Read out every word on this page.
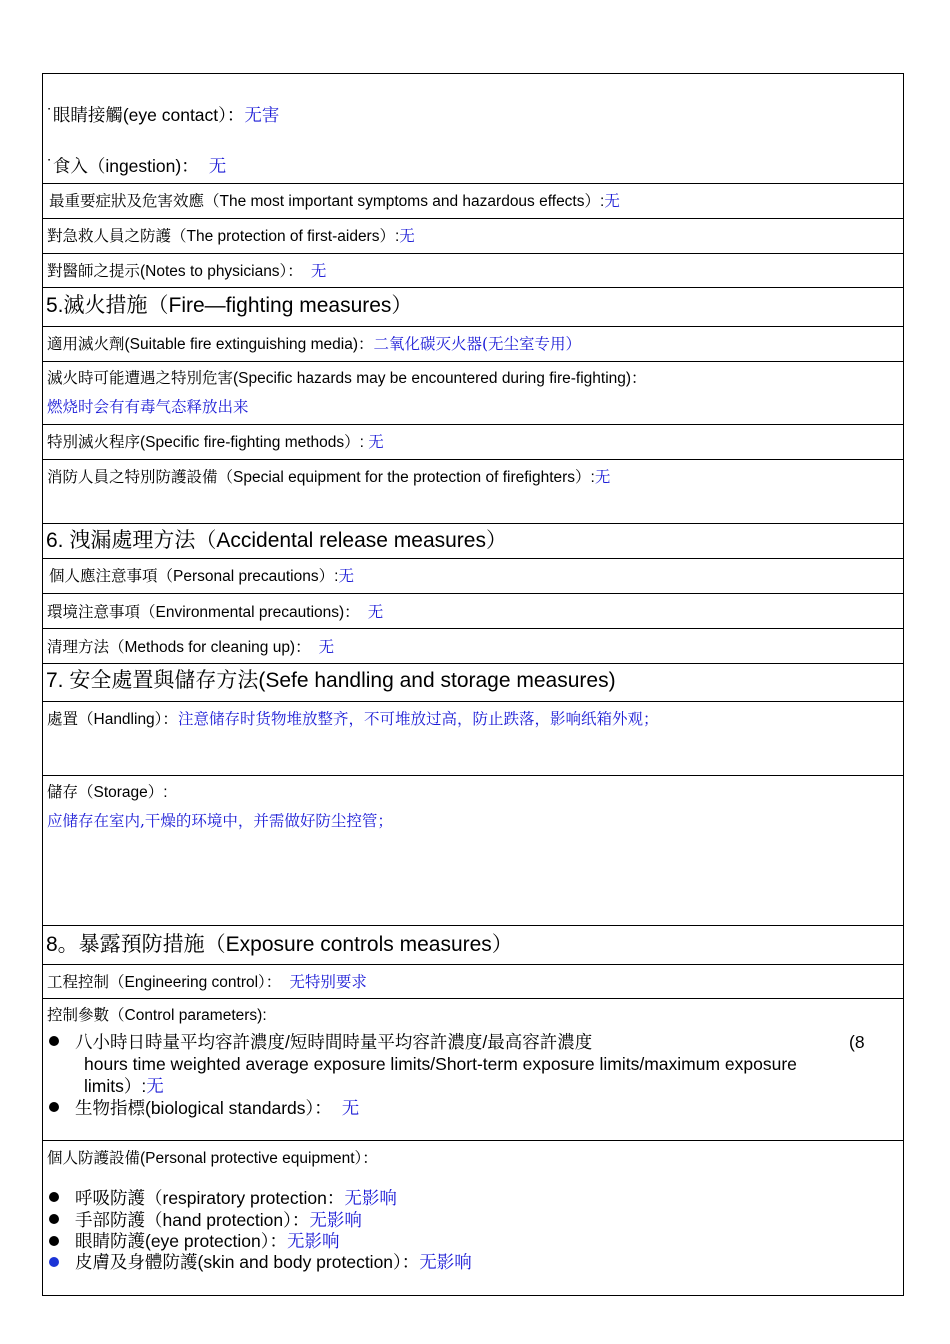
˙眼睛接觸(eye contact）：无害
˙食入（ingestion)： 无
最重要症狀及危害效應（The most important symptoms and hazardous effects）:无
對急救人員之防護（The protection of first-aiders）:无
對醫師之提示(Notes to physicians）： 无
5.滅火措施（Fire—fighting measures）
適用滅火劑(Suitable fire extinguishing media)：二氧化碳灭火器(无尘室专用）
滅火時可能遭遇之特別危害(Specific hazards may be encountered during fire-fighting)：
燃烧时会有有毒气态释放出来
特別滅火程序(Specific fire-fighting methods）: 无
消防人員之特別防護設備（Special equipment for the protection of firefighters）:无
6. 洩漏處理方法（Accidental release measures）
個人應注意事項（Personal precautions）:无
環境注意事項（Environmental precautions)： 无
清理方法（Methods for cleaning up)： 无
7. 安全處置與儲存方法(Sefe handling and storage measures)
處置（Handling）：注意储存时货物堆放整齐，不可堆放过高，防止跌落，影响纸箱外观；
儲存（Storage）:
应储存在室内,干燥的环境中，并需做好防尘控管；
8。暴露預防措施（Exposure controls measures）
工程控制（Engineering control）： 无特别要求
控制參數（Control parameters):
八小時日時量平均容許濃度/短時間時量平均容許濃度/最高容許濃度	(8
hours time weighted average exposure limits/Short-term exposure limits/maximum exposure
limits）:无
生物指標(biological standards）： 无
個人防護設備(Personal protective equipment）：
呼吸防護（respiratory protection：无影响
手部防護（hand protection）：无影响
眼睛防護(eye protection）：无影响
皮膚及身體防護(skin and body protection）：无影响
